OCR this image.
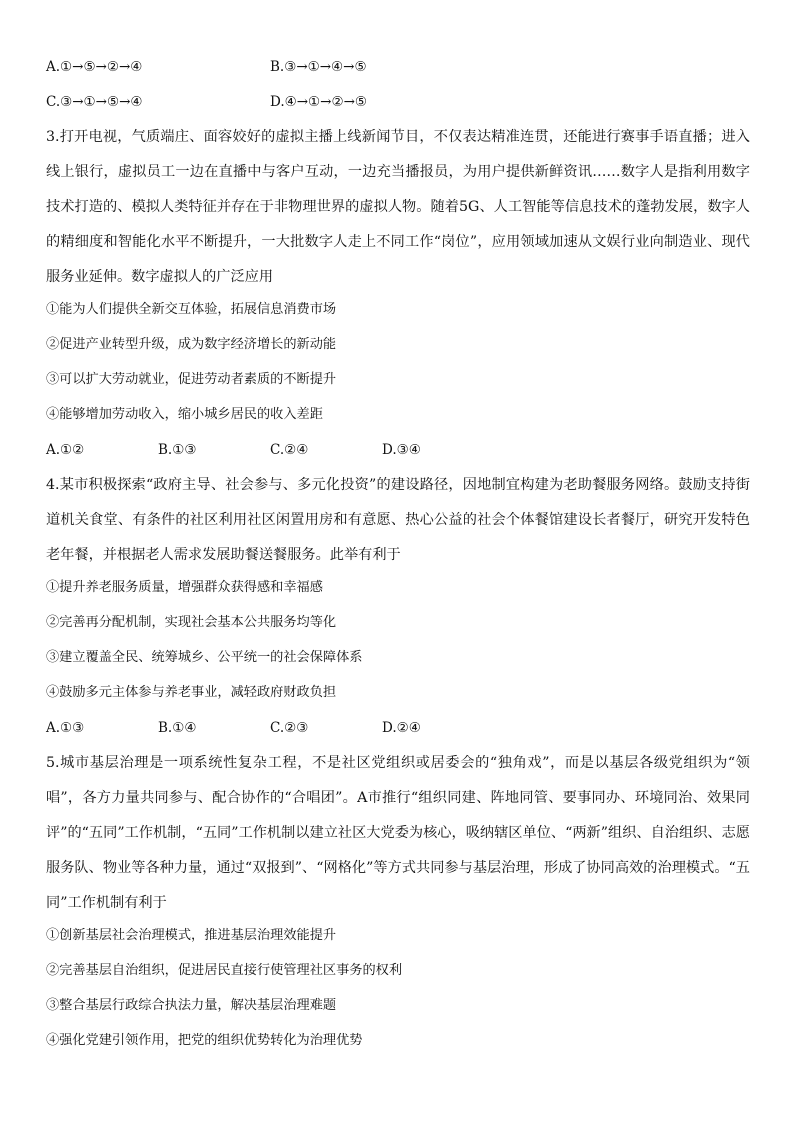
A.①→⑤→②→④	B.③→①→④→⑤
C.③→①→⑤→④	D.④→①→②→⑤

3.打开电视，气质端庄、面容姣好的虚拟主播上线新闻节目，不仅表达精准连贯，还能进行赛事手语直播；进入线上银行，虚拟员工一边在直播中与客户互动，一边充当播报员，为用户提供新鲜资讯……数字人是指利用数字技术打造的、模拟人类特征并存在于非物理世界的虚拟人物。随着5G、人工智能等信息技术的蓬勃发展，数字人的精细度和智能化水平不断提升，一大批数字人走上不同工作“岗位”，应用领域加速从文娱行业向制造业、现代服务业延伸。数字虚拟人的广泛应用

①能为人们提供全新交互体验，拓展信息消费市场
②促进产业转型升级，成为数字经济增长的新动能
③可以扩大劳动就业，促进劳动者素质的不断提升
④能够增加劳动收入，缩小城乡居民的收入差距
A.①②	B.①③	C.②④	D.③④

4.某市积极探索“政府主导、社会参与、多元化投资”的建设路径，因地制宜构建为老助餐服务网络。鼓励支持街道机关食堂、有条件的社区利用社区闲置用房和有意愿、热心公益的社会个体餐馆建设长者餐厅，研究开发特色老年餐，并根据老人需求发展助餐送餐服务。此举有利于

①提升养老服务质量，增强群众获得感和幸福感
②完善再分配机制，实现社会基本公共服务均等化
③建立覆盖全民、统筹城乡、公平统一的社会保障体系
④鼓励多元主体参与养老事业，减轻政府财政负担
A.①③	B.①④	C.②③	D.②④

5.城市基层治理是一项系统性复杂工程，不是社区党组织或居委会的“独角戏”，而是以基层各级党组织为“领唱”，各方力量共同参与、配合协作的“合唱团”。A市推行“组织同建、阵地同管、要事同办、环境同治、效果同评”的“五同”工作机制，“五同”工作机制以建立社区大党委为核心，吸纳辖区单位、“两新”组织、自治组织、志愿服务队、物业等各种力量，通过“双报到”、“网格化”等方式共同参与基层治理，形成了协同高效的治理模式。“五同”工作机制有利于

①创新基层社会治理模式，推进基层治理效能提升
②完善基层自治组织，促进居民直接行使管理社区事务的权利
③整合基层行政综合执法力量，解决基层治理难题
④强化党建引领作用，把党的组织优势转化为治理优势
